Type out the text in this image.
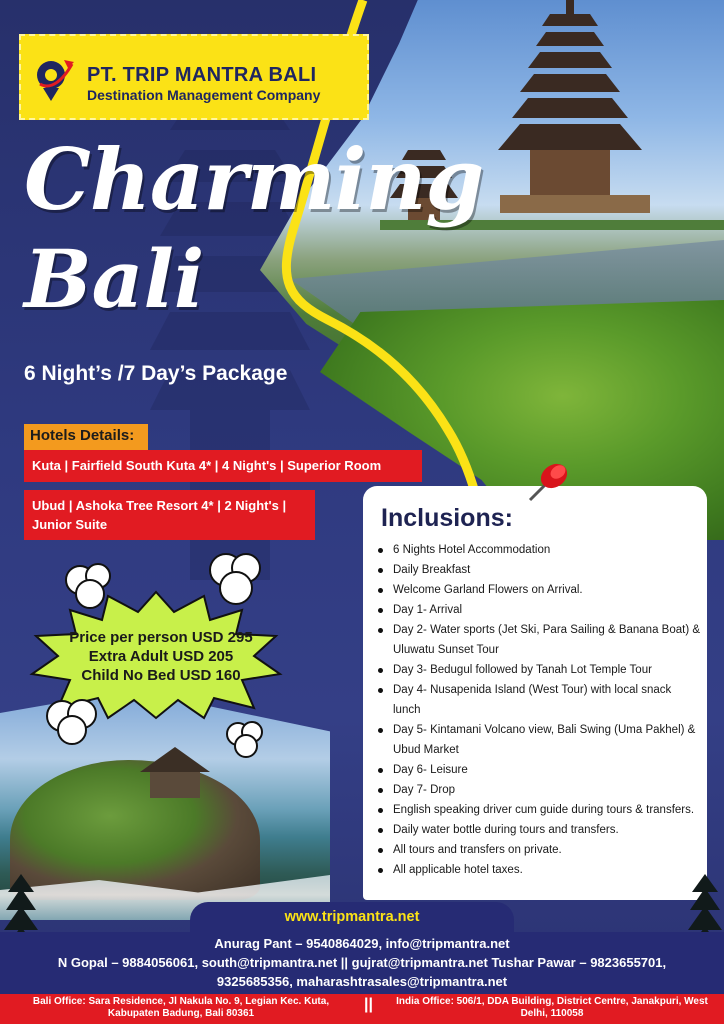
PT. TRIP MANTRA BALI
Destination Management Company
Charming
Bali
6 Night’s /7 Day’s Package
Hotels Details:
Kuta | Fairfield South Kuta 4* | 4 Night's | Superior Room
Ubud | Ashoka Tree Resort 4* | 2 Night's | Junior Suite
Price per person USD 295
Extra Adult USD 205
Child No Bed USD 160
Inclusions:
6 Nights Hotel Accommodation
Daily Breakfast
Welcome Garland Flowers on Arrival.
Day 1- Arrival
Day 2- Water sports (Jet Ski, Para Sailing & Banana Boat) & Uluwatu Sunset Tour
Day 3- Bedugul followed by Tanah Lot Temple Tour
Day 4- Nusapenida Island (West Tour) with local snack lunch
Day 5- Kintamani Volcano view, Bali Swing (Uma Pakhel) & Ubud Market
Day 6- Leisure
Day 7- Drop
English speaking driver cum guide during tours & transfers.
Daily water bottle during tours and transfers.
All tours and transfers on private.
All applicable hotel taxes.
www.tripmantra.net
Anurag Pant – 9540864029, info@tripmantra.net
N Gopal – 9884056061, south@tripmantra.net || gujrat@tripmantra.net Tushar Pawar – 9823655701,
9325685356, maharashtrasales@tripmantra.net
Bali Office: Sara Residence, Jl Nakula No. 9, Legian Kec. Kuta, Kabupaten Badung, Bali 80361
||	India Office: 506/1, DDA Building, District Centre, Janakpuri, West Delhi, 110058
